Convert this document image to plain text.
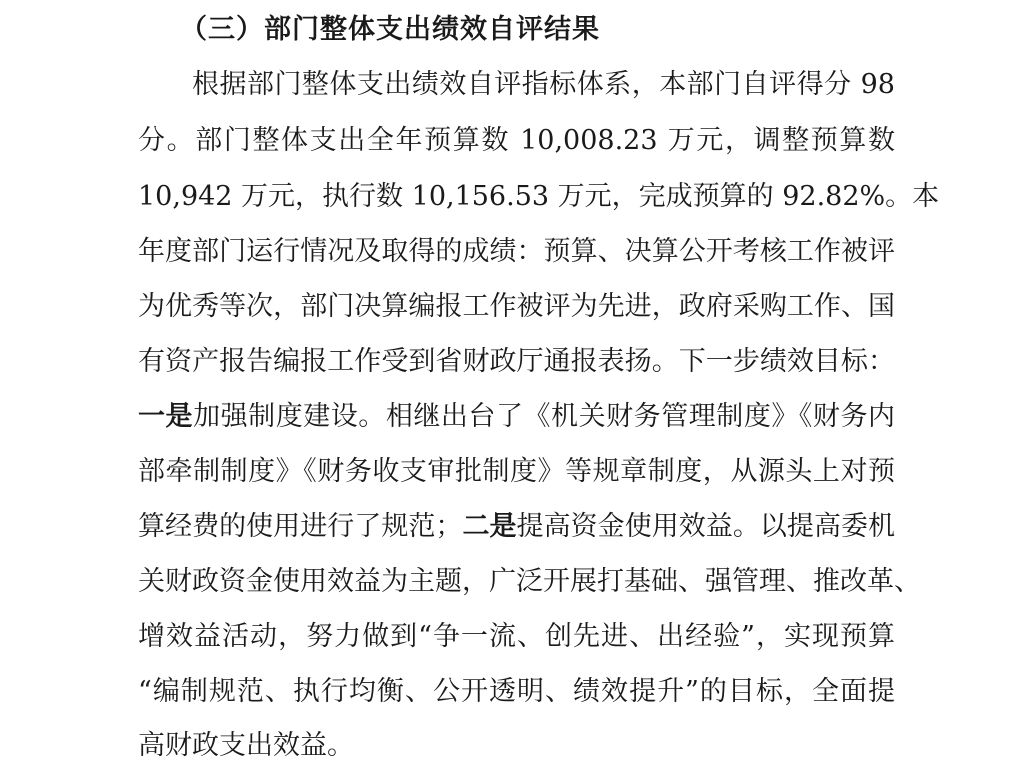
（三）部门整体支出绩效自评结果
根据部门整体支出绩效自评指标体系，本部门自评得分 98
分。部门整体支出全年预算数 10,008.23 万元，调整预算数
10,942 万元，执行数 10,156.53 万元，完成预算的 92.82%。本
年度部门运行情况及取得的成绩：预算、决算公开考核工作被评
为优秀等次，部门决算编报工作被评为先进，政府采购工作、国
有资产报告编报工作受到省财政厅通报表扬。下一步绩效目标：
一是加强制度建设。相继出台了《机关财务管理制度》《财务内
部牵制制度》《财务收支审批制度》等规章制度，从源头上对预
算经费的使用进行了规范；二是提高资金使用效益。以提高委机
关财政资金使用效益为主题，广泛开展打基础、强管理、推改革、
增效益活动，努力做到“争一流、创先进、出经验”，实现预算
“编制规范、执行均衡、公开透明、绩效提升”的目标，全面提
高财政支出效益。
